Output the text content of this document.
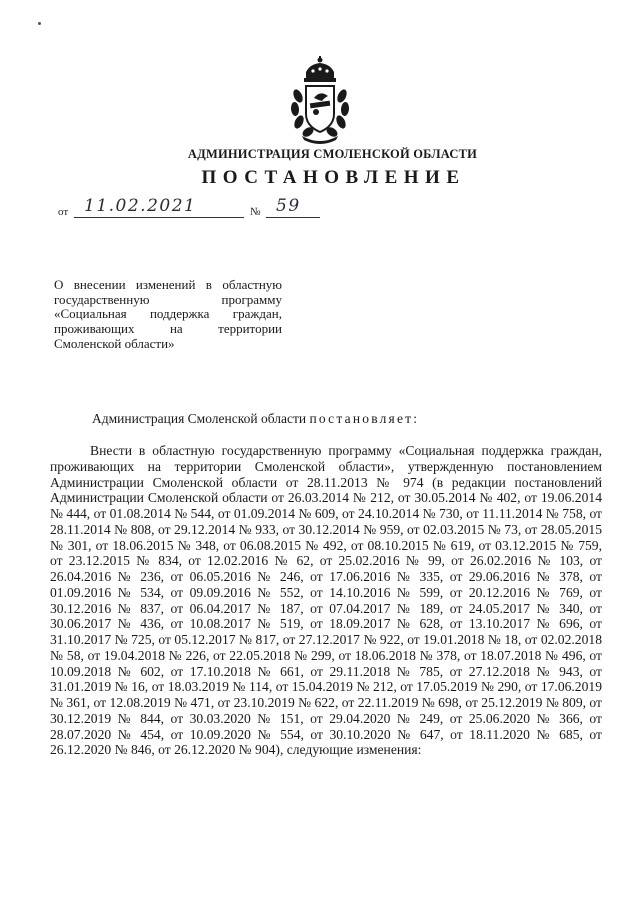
АДМИНИСТРАЦИЯ СМОЛЕНСКОЙ ОБЛАСТИ
ПОСТАНОВЛЕНИЕ
от 11.02.2021	№ 59
О внесении изменений в областную государственную программу «Социальная поддержка граждан, проживающих на территории Смоленской области»
Администрация Смоленской области постановляет:
Внести в областную государственную программу «Социальная поддержка граждан, проживающих на территории Смоленской области», утвержденную постановлением Администрации Смоленской области от 28.11.2013 № 974 (в редакции постановлений Администрации Смоленской области от 26.03.2014 № 212, от 30.05.2014 № 402, от 19.06.2014 № 444, от 01.08.2014 № 544, от 01.09.2014 № 609, от 24.10.2014 № 730, от 11.11.2014 № 758, от 28.11.2014 № 808, от 29.12.2014 № 933, от 30.12.2014 № 959, от 02.03.2015 № 73, от 28.05.2015 № 301, от 18.06.2015 № 348, от 06.08.2015 № 492, от 08.10.2015 № 619, от 03.12.2015 № 759, от 23.12.2015 № 834, от 12.02.2016 № 62, от 25.02.2016 № 99, от 26.02.2016 № 103, от 26.04.2016 № 236, от 06.05.2016 № 246, от 17.06.2016 № 335, от 29.06.2016 № 378, от 01.09.2016 № 534, от 09.09.2016 № 552, от 14.10.2016 № 599, от 20.12.2016 № 769, от 30.12.2016 № 837, от 06.04.2017 № 187, от 07.04.2017 № 189, от 24.05.2017 № 340, от 30.06.2017 № 436, от 10.08.2017 № 519, от 18.09.2017 № 628, от 13.10.2017 № 696, от 31.10.2017 № 725, от 05.12.2017 № 817, от 27.12.2017 № 922, от 19.01.2018 № 18, от 02.02.2018 № 58, от 19.04.2018 № 226, от 22.05.2018 № 299, от 18.06.2018 № 378, от 18.07.2018 № 496, от 10.09.2018 № 602, от 17.10.2018 № 661, от 29.11.2018 № 785, от 27.12.2018 № 943, от 31.01.2019 № 16, от 18.03.2019 № 114, от 15.04.2019 № 212, от 17.05.2019 № 290, от 17.06.2019 № 361, от 12.08.2019 № 471, от 23.10.2019 № 622, от 22.11.2019 № 698, от 25.12.2019 № 809, от 30.12.2019 № 844, от 30.03.2020 № 151, от 29.04.2020 № 249, от 25.06.2020 № 366, от 28.07.2020 № 454, от 10.09.2020 № 554, от 30.10.2020 № 647, от 18.11.2020 № 685, от 26.12.2020 № 846, от 26.12.2020 № 904), следующие изменения:
